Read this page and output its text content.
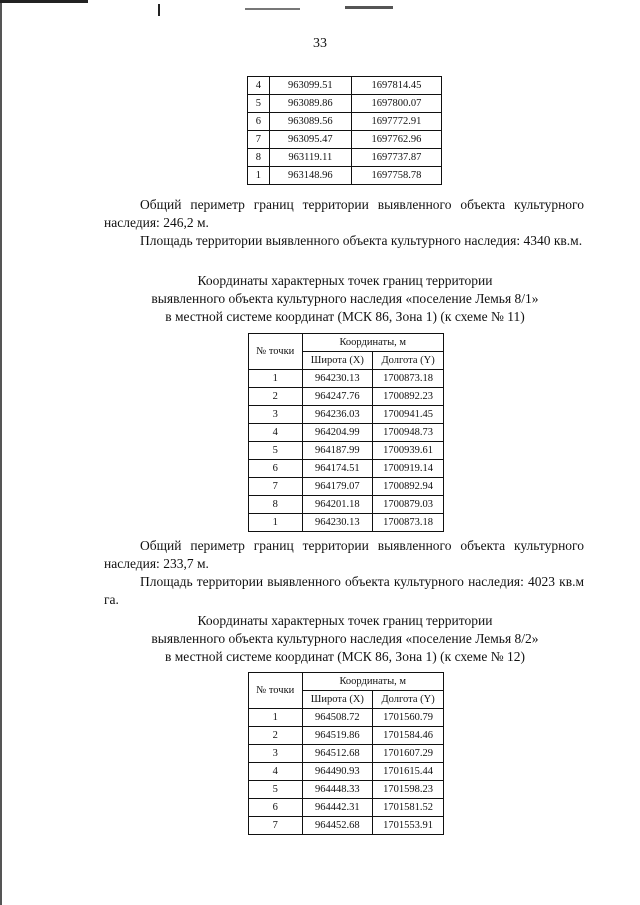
33
4	963099.51	1697814.45
5	963089.86	1697800.07
6	963089.56	1697772.91
7	963095.47	1697762.96
8	963119.11	1697737.87
1	963148.96	1697758.78
Общий периметр границ территории выявленного объекта культурного наследия: 246,2 м.
Площадь территории выявленного объекта культурного наследия: 4340 кв.м.
Координаты характерных точек границ территории
выявленного объекта культурного наследия «поселение Лемья 8/1»
в местной системе координат (МСК 86, Зона 1) (к схеме № 11)
№ точки	Координаты, м	
	Широта (X)	Долгота (Y)
1	964230.13	1700873.18
2	964247.76	1700892.23
3	964236.03	1700941.45
4	964204.99	1700948.73
5	964187.99	1700939.61
6	964174.51	1700919.14
7	964179.07	1700892.94
8	964201.18	1700879.03
1	964230.13	1700873.18
Общий периметр границ территории выявленного объекта культурного наследия: 233,7 м.
Площадь территории выявленного объекта культурного наследия: 4023 кв.м га.
Координаты характерных точек границ территории
выявленного объекта культурного наследия «поселение Лемья 8/2»
в местной системе координат (МСК 86, Зона 1) (к схеме № 12)
№ точки	Координаты, м	
	Широта (X)	Долгота (Y)
1	964508.72	1701560.79
2	964519.86	1701584.46
3	964512.68	1701607.29
4	964490.93	1701615.44
5	964448.33	1701598.23
6	964442.31	1701581.52
7	964452.68	1701553.91
